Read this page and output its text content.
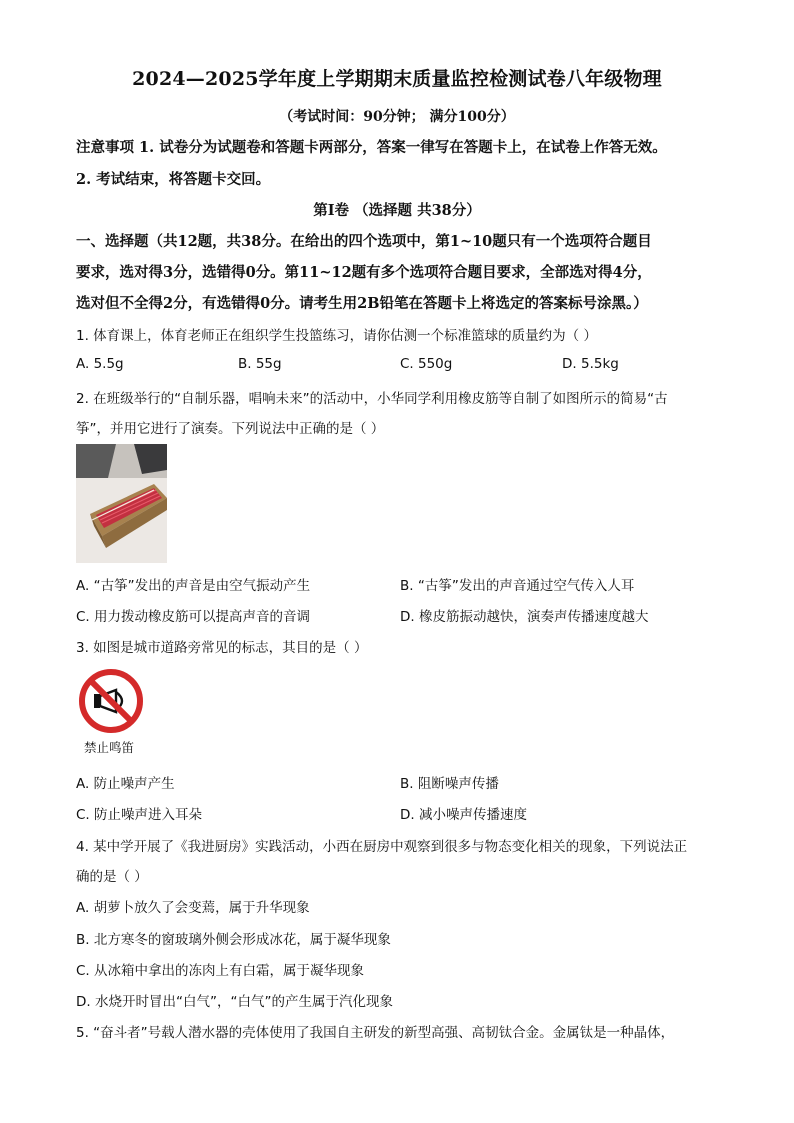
2024—2025学年度上学期期末质量监控检测试卷八年级物理
（考试时间：90分钟； 满分100分）
注意事项 1. 试卷分为试题卷和答题卡两部分，答案一律写在答题卡上，在试卷上作答无效。
2. 考试结束，将答题卡交回。
第Ⅰ卷 （选择题 共38分）
一、选择题（共12题，共38分。在给出的四个选项中，第1~10题只有一个选项符合题目
要求，选对得3分，选错得0分。第11~12题有多个选项符合题目要求，全部选对得4分，
选对但不全得2分，有选错得0分。请考生用2B铅笔在答题卡上将选定的答案标号涂黑。）
1. 体育课上，体育老师正在组织学生投篮练习，请你估测一个标准篮球的质量约为（ ）
A. 5.5g	B. 55g	C. 550g	D. 5.5kg
2. 在班级举行的“自制乐器，唱响未来”的活动中，小华同学利用橡皮筋等自制了如图所示的简易“古
筝”，并用它进行了演奏。下列说法中正确的是（ ）
A. “古筝”发出的声音是由空气振动产生	B. “古筝”发出的声音通过空气传入人耳
C. 用力拨动橡皮筋可以提高声音的音调	D. 橡皮筋振动越快，演奏声传播速度越大
3. 如图是城市道路旁常见的标志，其目的是（ ）
禁止鸣笛
A. 防止噪声产生	B. 阻断噪声传播
C. 防止噪声进入耳朵	D. 减小噪声传播速度
4. 某中学开展了《我进厨房》实践活动，小西在厨房中观察到很多与物态变化相关的现象，下列说法正
确的是（ ）
A. 胡萝卜放久了会变蔫，属于升华现象
B. 北方寒冬的窗玻璃外侧会形成冰花，属于凝华现象
C. 从冰箱中拿出的冻肉上有白霜，属于凝华现象
D. 水烧开时冒出“白气”，“白气”的产生属于汽化现象
5. “奋斗者”号载人潜水器的壳体使用了我国自主研发的新型高强、高韧钛合金。金属钛是一种晶体，
